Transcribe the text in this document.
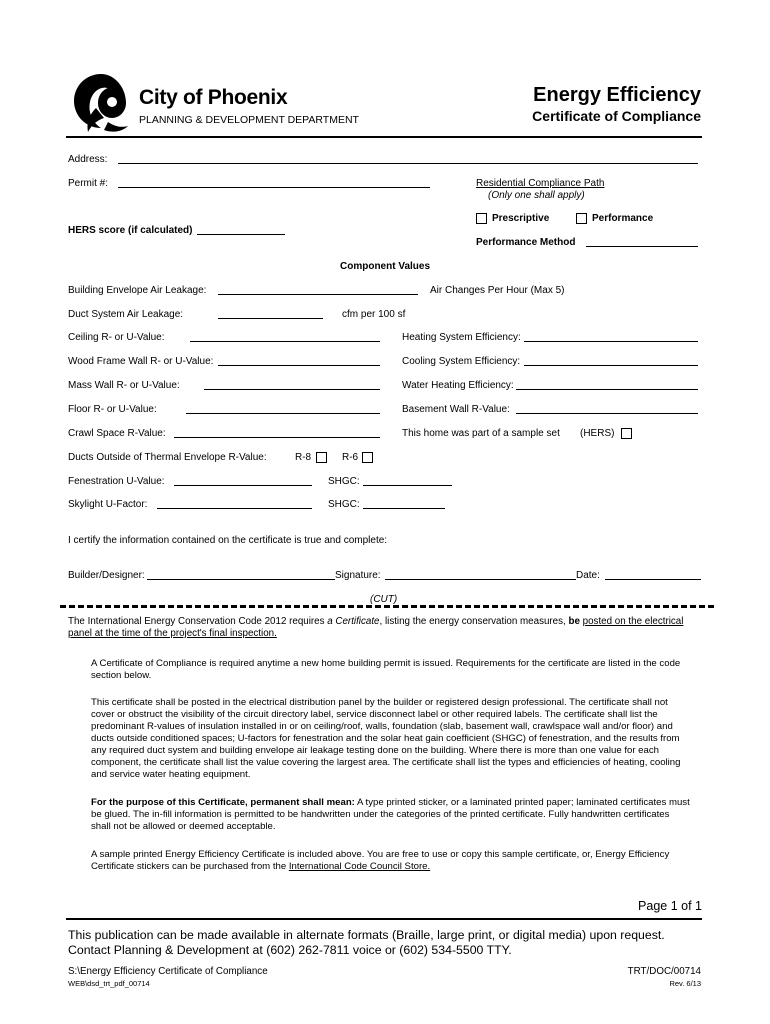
City of Phoenix
PLANNING & DEVELOPMENT DEPARTMENT
Energy Efficiency
Certificate of Compliance
Address:
Permit #:	Residential Compliance Path
(Only one shall apply)
Prescriptive	Performance
HERS score (if calculated)
Performance Method
Component Values
Building Envelope Air Leakage:	Air Changes Per Hour (Max 5)
Duct System Air Leakage:	cfm per 100 sf
Ceiling R- or U-Value:	Heating System Efficiency:
Wood Frame Wall R- or U-Value:	Cooling System Efficiency:
Mass Wall R- or U-Value:	Water Heating Efficiency:
Floor R- or U-Value:	Basement Wall R-Value:
Crawl Space R-Value:	This home was part of a sample set (HERS)
Ducts Outside of Thermal Envelope R-Value:	R-8	R-6
Fenestration U-Value:	SHGC:
Skylight U-Factor:	SHGC:
I certify the information contained on the certificate is true and complete:
Builder/Designer:	Signature:	Date:
(CUT)
The International Energy Conservation Code 2012 requires a Certificate, listing the energy conservation measures, be posted on the electrical panel at the time of the project's final inspection.
A Certificate of Compliance is required anytime a new home building permit is issued. Requirements for the certificate are listed in the code section below.
This certificate shall be posted in the electrical distribution panel by the builder or registered design professional. The certificate shall not cover or obstruct the visibility of the circuit directory label, service disconnect label or other required labels. The certificate shall list the predominant R-values of insulation installed in or on ceiling/roof, walls, foundation (slab, basement wall, crawlspace wall and/or floor) and ducts outside conditioned spaces; U-factors for fenestration and the solar heat gain coefficient (SHGC) of fenestration, and the results from any required duct system and building envelope air leakage testing done on the building. Where there is more than one value for each component, the certificate shall list the value covering the largest area. The certificate shall list the types and efficiencies of heating, cooling and service water heating equipment.
For the purpose of this Certificate, permanent shall mean: A type printed sticker, or a laminated printed paper; laminated certificates must be glued. The in-fill information is permitted to be handwritten under the categories of the printed certificate. Fully handwritten certificates shall not be allowed or deemed acceptable.
A sample printed Energy Efficiency Certificate is included above. You are free to use or copy this sample certificate, or, Energy Efficiency Certificate stickers can be purchased from the International Code Council Store.
Page 1 of 1
This publication can be made available in alternate formats (Braille, large print, or digital media) upon request.
Contact Planning & Development at (602) 262-7811 voice or (602) 534-5500 TTY.
S:\Energy Efficiency Certificate of Compliance
WEB\dsd_trt_pdf_00714
TRT/DOC/00714
Rev. 6/13
